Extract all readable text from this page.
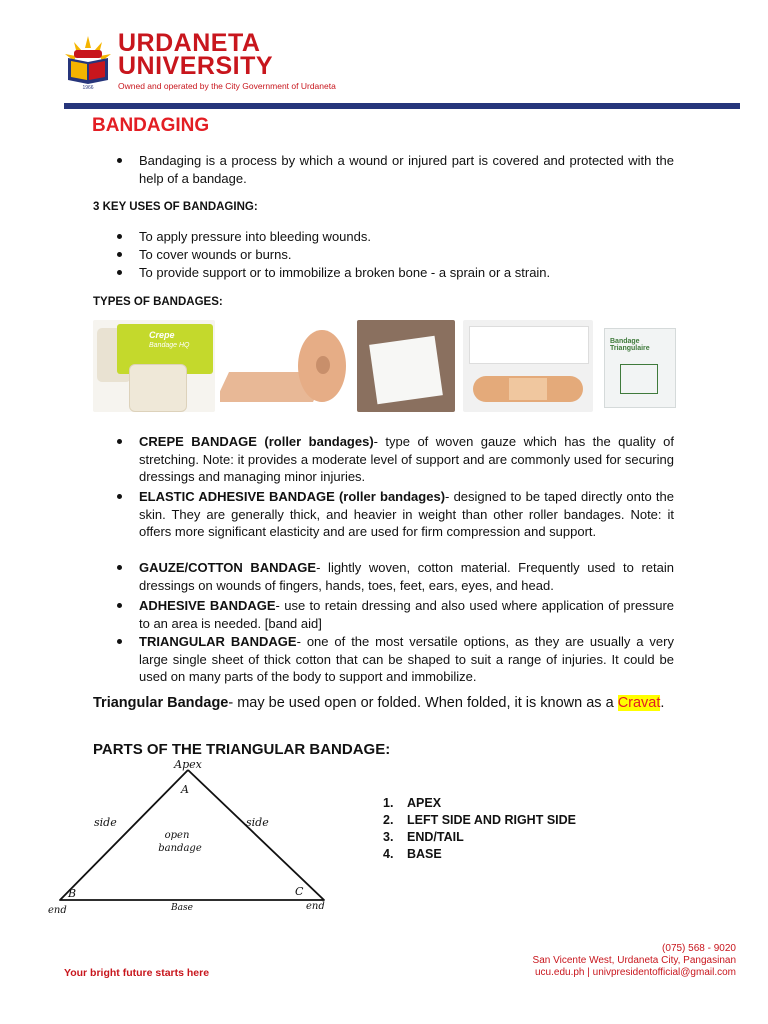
1966
URDANETA
UNIVERSITY
Owned and operated by the City Government of Urdaneta
BANDAGING
Bandaging is a process by which a wound or injured part is covered and protected with the help of a bandage.
3 KEY USES OF BANDAGING:
To apply pressure into bleeding wounds.
To cover wounds or burns.
To provide support or to immobilize a broken bone - a sprain or a strain.
TYPES OF BANDAGES:
Crepe
Bandage HQ
Bandage Triangulaire
CREPE BANDAGE (roller bandages)- type of woven gauze which has the quality of stretching. Note: it provides a moderate level of support and are commonly used for securing dressings and managing minor injuries.
ELASTIC ADHESIVE BANDAGE (roller bandages)- designed to be taped directly onto the skin. They are generally thick, and heavier in weight than other roller bandages. Note: it offers more significant elasticity and are used for firm compression and support.
GAUZE/COTTON BANDAGE- lightly woven, cotton material. Frequently used to retain dressings on wounds of fingers, hands, toes, feet, ears, eyes, and head.
ADHESIVE BANDAGE- use to retain dressing and also used where application of pressure to an area is needed. [band aid]
TRIANGULAR BANDAGE- one of the most versatile options, as they are usually a very large single sheet of thick cotton that can be shaped to suit a range of injuries. It could be used on many parts of the body to support and immobilize.
Triangular Bandage- may be used open or folded. When folded, it is known as a Cravat.
PARTS OF THE TRIANGULAR BANDAGE:
Apex
A
side	side
open
bandage
B	C
end	end
Base
1. APEX
2. LEFT SIDE AND RIGHT SIDE
3. END/TAIL
4. BASE
Your bright future starts here
(075) 568 - 9020
San Vicente West, Urdaneta City, Pangasinan
ucu.edu.ph | univpresidentofficial@gmail.com
